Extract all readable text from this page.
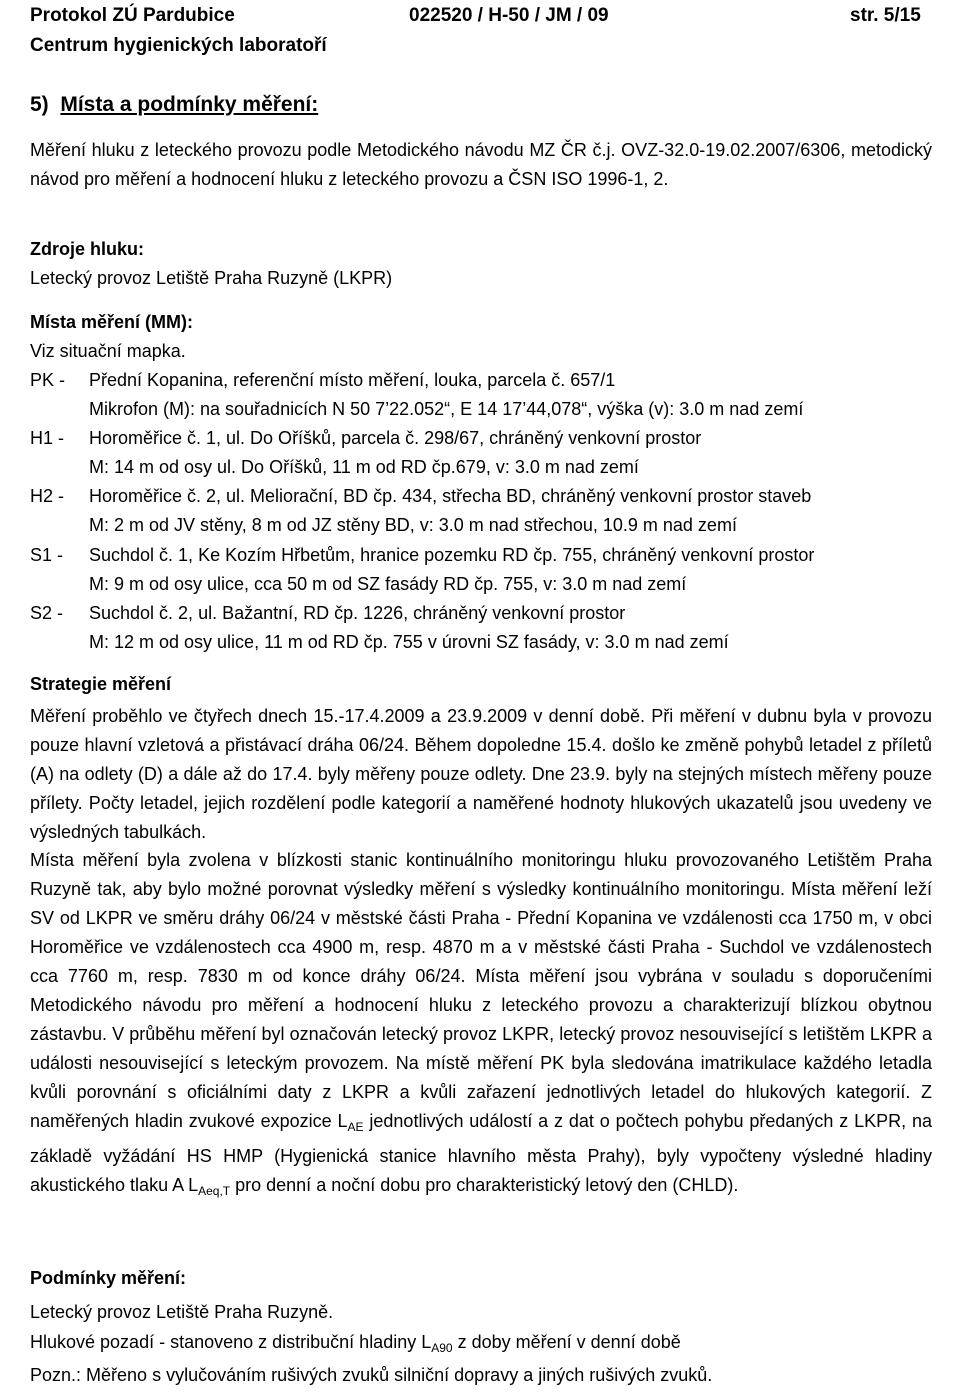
Protokol ZÚ Pardubice
Centrum hygienických laboratoří
022520 / H-50 / JM / 09	str. 5/15
5) Místa a podmínky měření:
Měření hluku z leteckého provozu podle Metodického návodu MZ ČR č.j. OVZ-32.0-19.02.2007/6306, metodický návod pro měření a hodnocení hluku z leteckého provozu a ČSN ISO 1996-1, 2.
Zdroje hluku:
Letecký provoz Letiště Praha Ruzyně (LKPR)
Místa měření (MM):
Viz situační mapka.
PK -	Přední Kopanina, referenční místo měření, louka, parcela č. 657/1
Mikrofon (M): na souřadnicích N 50 7’22.052“, E 14 17’44,078“, výška (v): 3.0 m nad zemí
H1 -	Horoměřice č. 1, ul. Do Oříšků, parcela č. 298/67, chráněný venkovní prostor
M: 14 m od osy ul. Do Oříšků, 11 m od RD čp.679, v: 3.0 m nad zemí
H2 -	Horoměřice č. 2, ul. Meliorační, BD čp. 434, střecha BD, chráněný venkovní prostor staveb
M: 2 m od JV stěny, 8 m od JZ stěny BD, v: 3.0 m nad střechou, 10.9 m nad zemí
S1 -	Suchdol č. 1, Ke Kozím Hřbetům, hranice pozemku RD čp. 755, chráněný venkovní prostor
M: 9 m od osy ulice, cca 50 m od SZ fasády RD čp. 755, v: 3.0 m nad zemí
S2 -	Suchdol č. 2, ul. Bažantní, RD čp. 1226, chráněný venkovní prostor
M: 12 m od osy ulice, 11 m od RD čp. 755 v úrovni SZ fasády, v: 3.0 m nad zemí
Strategie měření
Měření proběhlo ve čtyřech dnech 15.-17.4.2009 a 23.9.2009 v denní době. Při měření v dubnu byla v provozu pouze hlavní vzletová a přistávací dráha 06/24. Během dopoledne 15.4. došlo ke změně pohybů letadel z příletů (A) na odlety (D) a dále až do 17.4. byly měřeny pouze odlety. Dne 23.9. byly na stejných místech měřeny pouze přílety. Počty letadel, jejich rozdělení podle kategorií a naměřené hodnoty hlukových ukazatelů jsou uvedeny ve výsledných tabulkách.
Místa měření byla zvolena v blízkosti stanic kontinuálního monitoringu hluku provozovaného Letištěm Praha Ruzyně tak, aby bylo možné porovnat výsledky měření s výsledky kontinuálního monitoringu. Místa měření leží SV od LKPR ve směru dráhy 06/24 v městské části Praha - Přední Kopanina ve vzdálenosti cca 1750 m, v obci Horoměřice ve vzdálenostech cca 4900 m, resp. 4870 m a v městské části Praha - Suchdol ve vzdálenostech cca 7760 m, resp. 7830 m od konce dráhy 06/24. Místa měření jsou vybrána v souladu s doporučeními Metodického návodu pro měření a hodnocení hluku z leteckého provozu a charakterizují blízkou obytnou zástavbu. V průběhu měření byl označován letecký provoz LKPR, letecký provoz nesouvisející s letištěm LKPR a události nesouvisející s leteckým provozem. Na místě měření PK byla sledována imatrikulace každého letadla kvůli porovnání s oficiálními daty z LKPR a kvůli zařazení jednotlivých letadel do hlukových kategorií. Z naměřených hladin zvukové expozice $L_{AE}$ jednotlivých událostí a z dat o počtech pohybu předaných z LKPR, na základě vyžádání HS HMP (Hygienická stanice hlavního města Prahy), byly vypočteny výsledné hladiny akustického tlaku A $L_{Aeq,T}$ pro denní a noční dobu pro charakteristický letový den (CHLD).
Podmínky měření:
Letecký provoz Letiště Praha Ruzyně.
Hlukové pozadí - stanoveno z distribuční hladiny $L_{A90}$ z doby měření v denní době
Pozn.: Měřeno s vylučováním rušivých zvuků silniční dopravy a jiných rušivých zvuků.
